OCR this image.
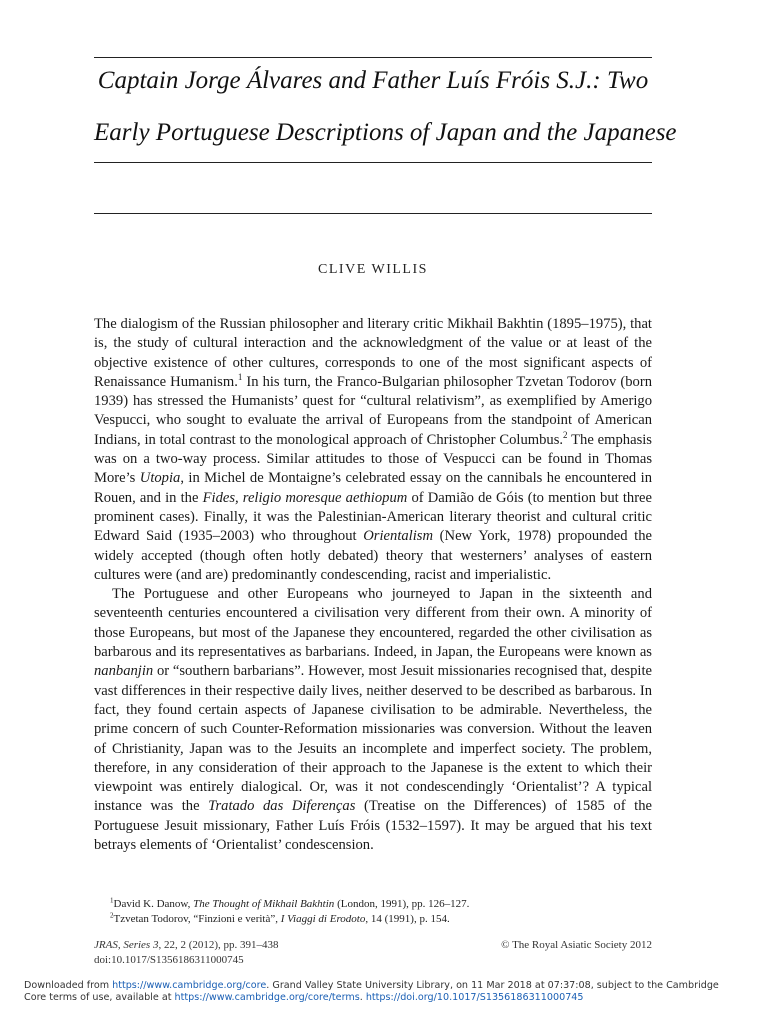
Captain Jorge Álvares and Father Luís Fróis S.J.: Two
Early Portuguese Descriptions of Japan and the Japanese
CLIVE WILLIS

The dialogism of the Russian philosopher and literary critic Mikhail Bakhtin (1895–1975), that is, the study of cultural interaction and the acknowledgment of the value or at least of the objective existence of other cultures, corresponds to one of the most significant aspects of Renaissance Humanism.$^1$ In his turn, the Franco-Bulgarian philosopher Tzvetan Todorov (born 1939) has stressed the Humanists’ quest for “cultural relativism”, as exemplified by Amerigo Vespucci, who sought to evaluate the arrival of Europeans from the standpoint of American Indians, in total contrast to the monological approach of Christopher Columbus.$^2$ The emphasis was on a two-way process. Similar attitudes to those of Vespucci can be found in Thomas More’s Utopia, in Michel de Montaigne’s celebrated essay on the cannibals he encountered in Rouen, and in the Fides, religio moresque aethiopum of Damião de Góis (to mention but three prominent cases). Finally, it was the Palestinian-American literary theorist and cultural critic Edward Said (1935–2003) who throughout Orientalism (New York, 1978) propounded the widely accepted (though often hotly debated) theory that westerners’ analyses of eastern cultures were (and are) predominantly condescending, racist and imperialistic.

The Portuguese and other Europeans who journeyed to Japan in the sixteenth and seventeenth centuries encountered a civilisation very different from their own. A minority of those Europeans, but most of the Japanese they encountered, regarded the other civilisation as barbarous and its representatives as barbarians. Indeed, in Japan, the Europeans were known as nanbanjin or “southern barbarians”. However, most Jesuit missionaries recognised that, despite vast differences in their respective daily lives, neither deserved to be described as barbarous. In fact, they found certain aspects of Japanese civilisation to be admirable. Nevertheless, the prime concern of such Counter-Reformation missionaries was conversion. Without the leaven of Christianity, Japan was to the Jesuits an incomplete and imperfect society. The problem, therefore, in any consideration of their approach to the Japanese is the extent to which their viewpoint was entirely dialogical. Or, was it not condescendingly ‘Orientalist’? A typical instance was the Tratado das Diferenças (Treatise on the Differences) of 1585 of the Portuguese Jesuit missionary, Father Luís Fróis (1532–1597). It may be argued that his text betrays elements of ‘Orientalist’ condescension.

$^1$David K. Danow, The Thought of Mikhail Bakhtin (London, 1991), pp. 126–127.
$^2$Tzvetan Todorov, “Finzioni e verità”, I Viaggi di Erodoto, 14 (1991), p. 154.
JRAS, Series 3, 22, 2 (2012), pp. 391–438
doi:10.1017/S1356186311000745
© The Royal Asiatic Society 2012
Downloaded from https://www.cambridge.org/core. Grand Valley State University Library, on 11 Mar 2018 at 07:37:08, subject to the Cambridge Core terms of use, available at https://www.cambridge.org/core/terms. https://doi.org/10.1017/S1356186311000745
